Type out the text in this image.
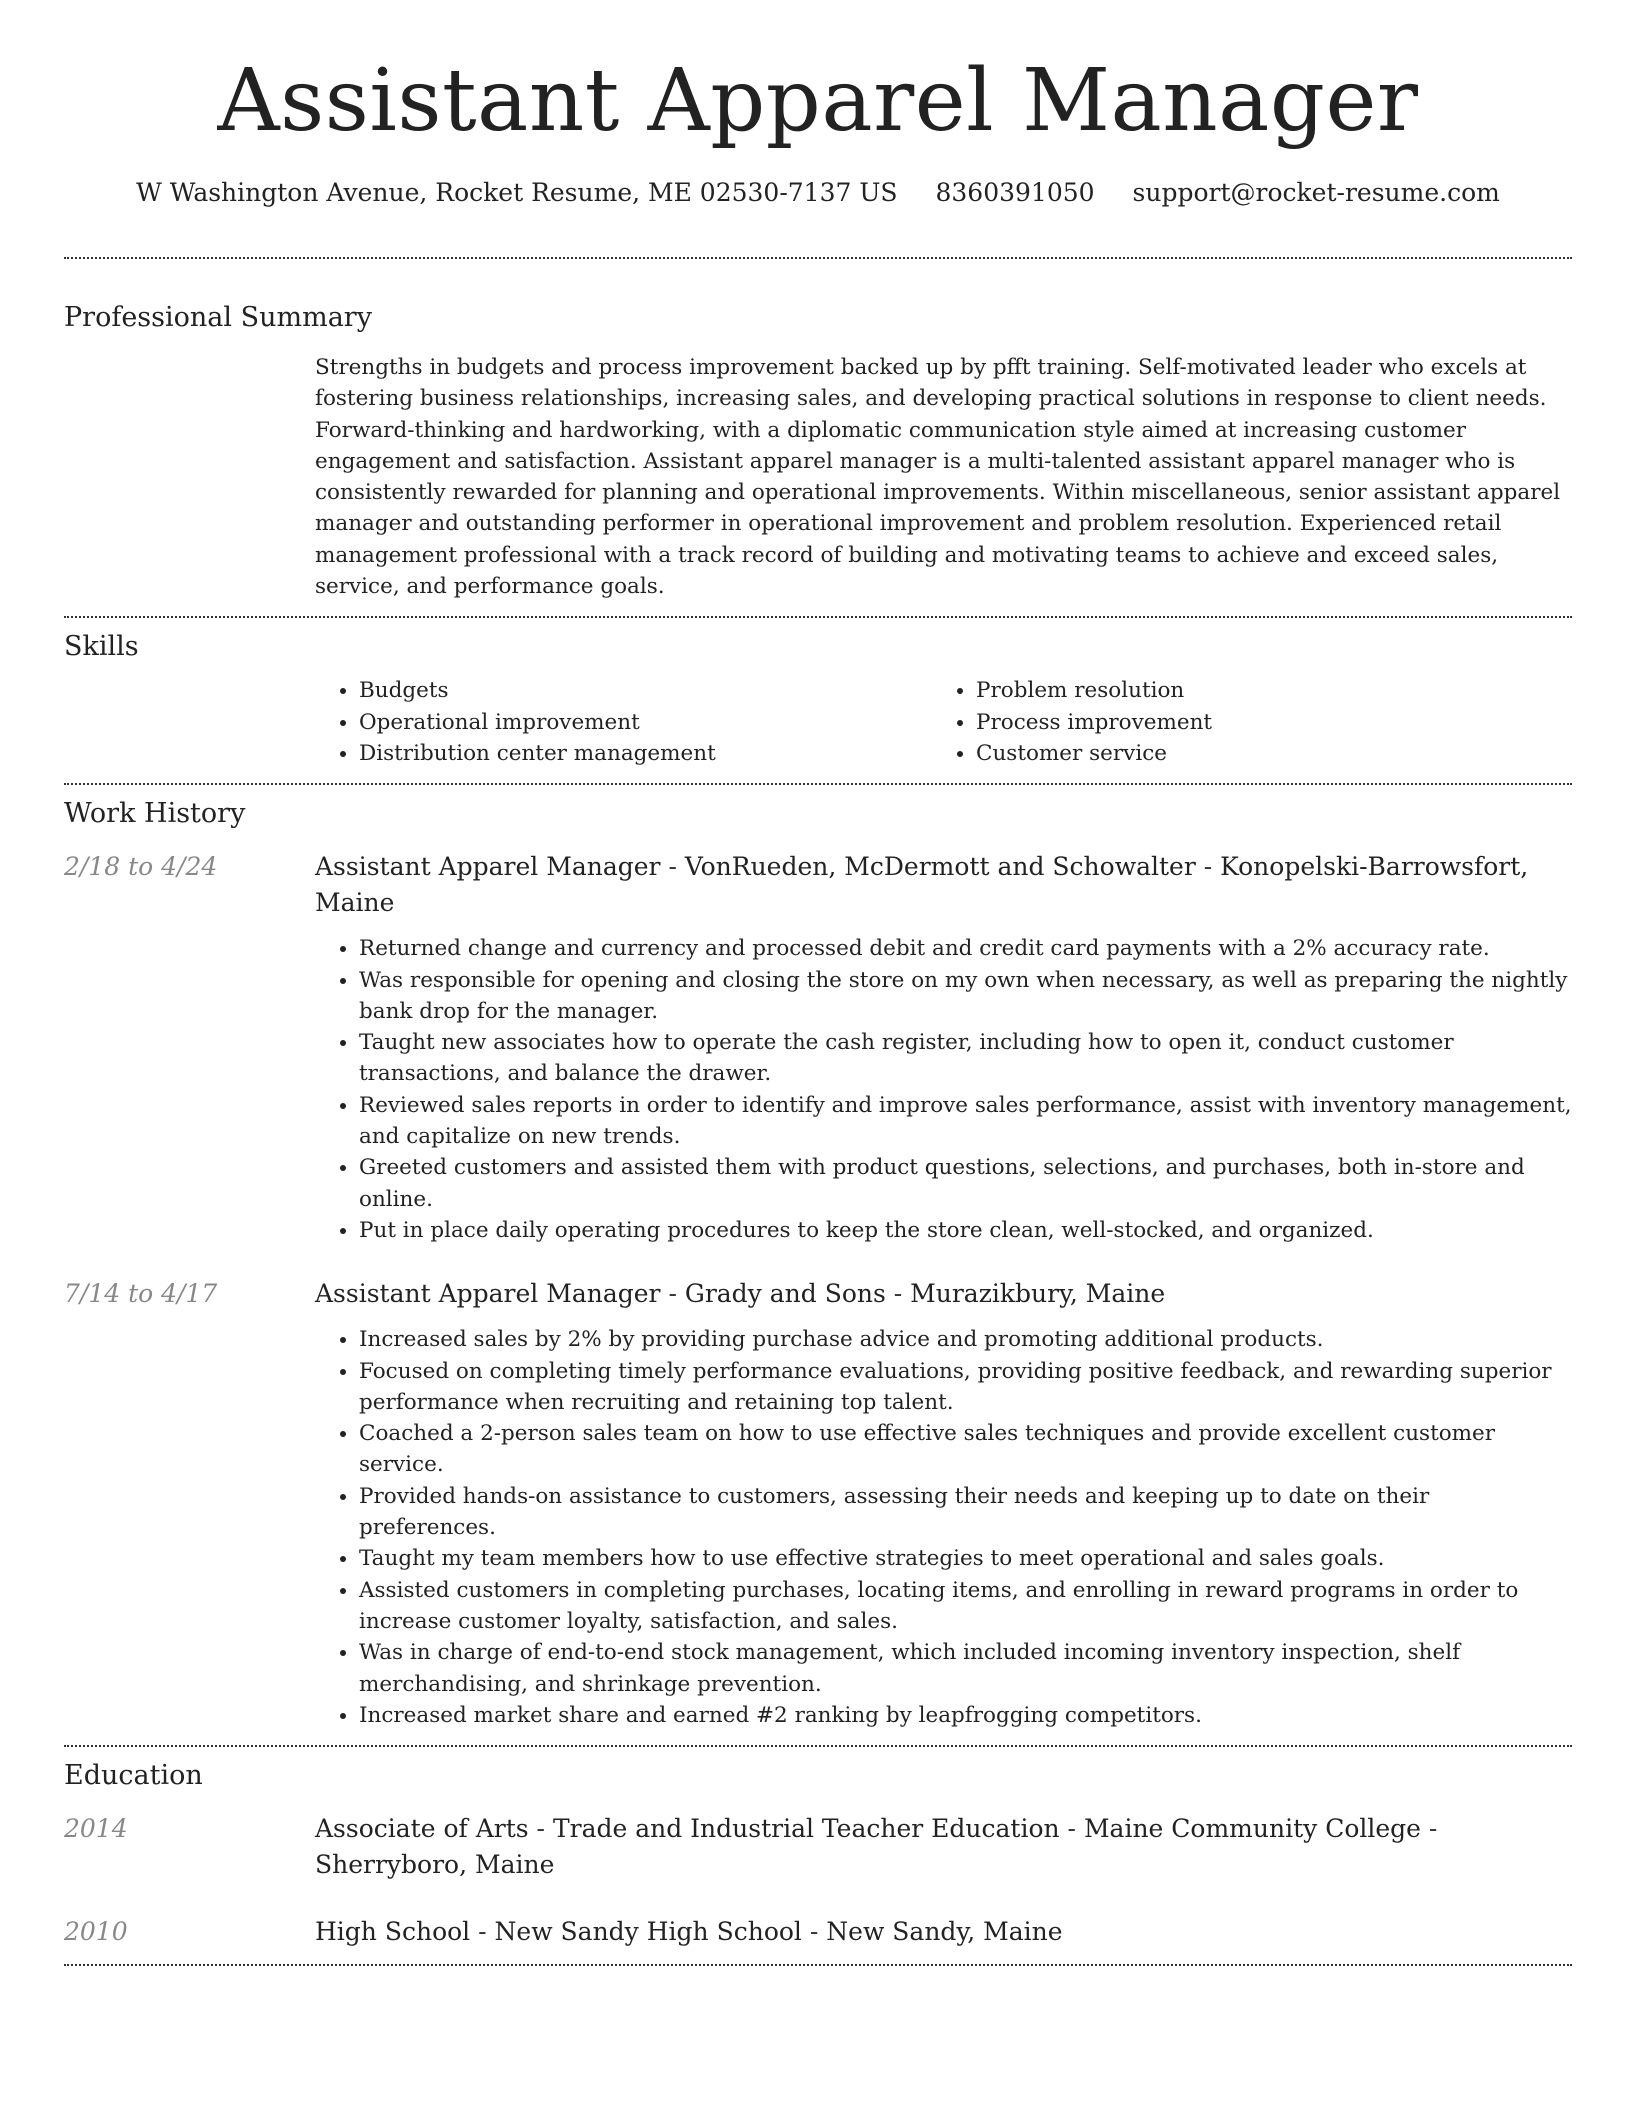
Assistant Apparel Manager
W Washington Avenue, Rocket Resume, ME 02530-7137 US 8360391050 support@rocket-resume.com
Professional Summary

Strengths in budgets and process improvement backed up by pfft training. Self-motivated leader who excels at fostering business relationships, increasing sales, and developing practical solutions in response to client needs. Forward-thinking and hardworking, with a diplomatic communication style aimed at increasing customer engagement and satisfaction. Assistant apparel manager is a multi-talented assistant apparel manager who is consistently rewarded for planning and operational improvements. Within miscellaneous, senior assistant apparel manager and outstanding performer in operational improvement and problem resolution. Experienced retail management professional with a track record of building and motivating teams to achieve and exceed sales, service, and performance goals.

Skills
• Budgets
• Operational improvement
• Distribution center management
• Problem resolution
• Process improvement
• Customer service
Work History
2/18 to 4/24	Assistant Apparel Manager - VonRueden, McDermott and Schowalter - Konopelski-Barrowsfort, Maine

• Returned change and currency and processed debit and credit card payments with a 2% accuracy rate.
• Was responsible for opening and closing the store on my own when necessary, as well as preparing the nightly bank drop for the manager.
• Taught new associates how to operate the cash register, including how to open it, conduct customer transactions, and balance the drawer.
• Reviewed sales reports in order to identify and improve sales performance, assist with inventory management, and capitalize on new trends.
• Greeted customers and assisted them with product questions, selections, and purchases, both in-store and online.
• Put in place daily operating procedures to keep the store clean, well-stocked, and organized.
7/14 to 4/17	Assistant Apparel Manager - Grady and Sons - Murazikbury, Maine

• Increased sales by 2% by providing purchase advice and promoting additional products.
• Focused on completing timely performance evaluations, providing positive feedback, and rewarding superior performance when recruiting and retaining top talent.
• Coached a 2-person sales team on how to use effective sales techniques and provide excellent customer service.
• Provided hands-on assistance to customers, assessing their needs and keeping up to date on their preferences.
• Taught my team members how to use effective strategies to meet operational and sales goals.
• Assisted customers in completing purchases, locating items, and enrolling in reward programs in order to increase customer loyalty, satisfaction, and sales.
• Was in charge of end-to-end stock management, which included incoming inventory inspection, shelf merchandising, and shrinkage prevention.
• Increased market share and earned #2 ranking by leapfrogging competitors.
Education
2014	Associate of Arts - Trade and Industrial Teacher Education - Maine Community College - Sherryboro, Maine

2010	High School - New Sandy High School - New Sandy, Maine
